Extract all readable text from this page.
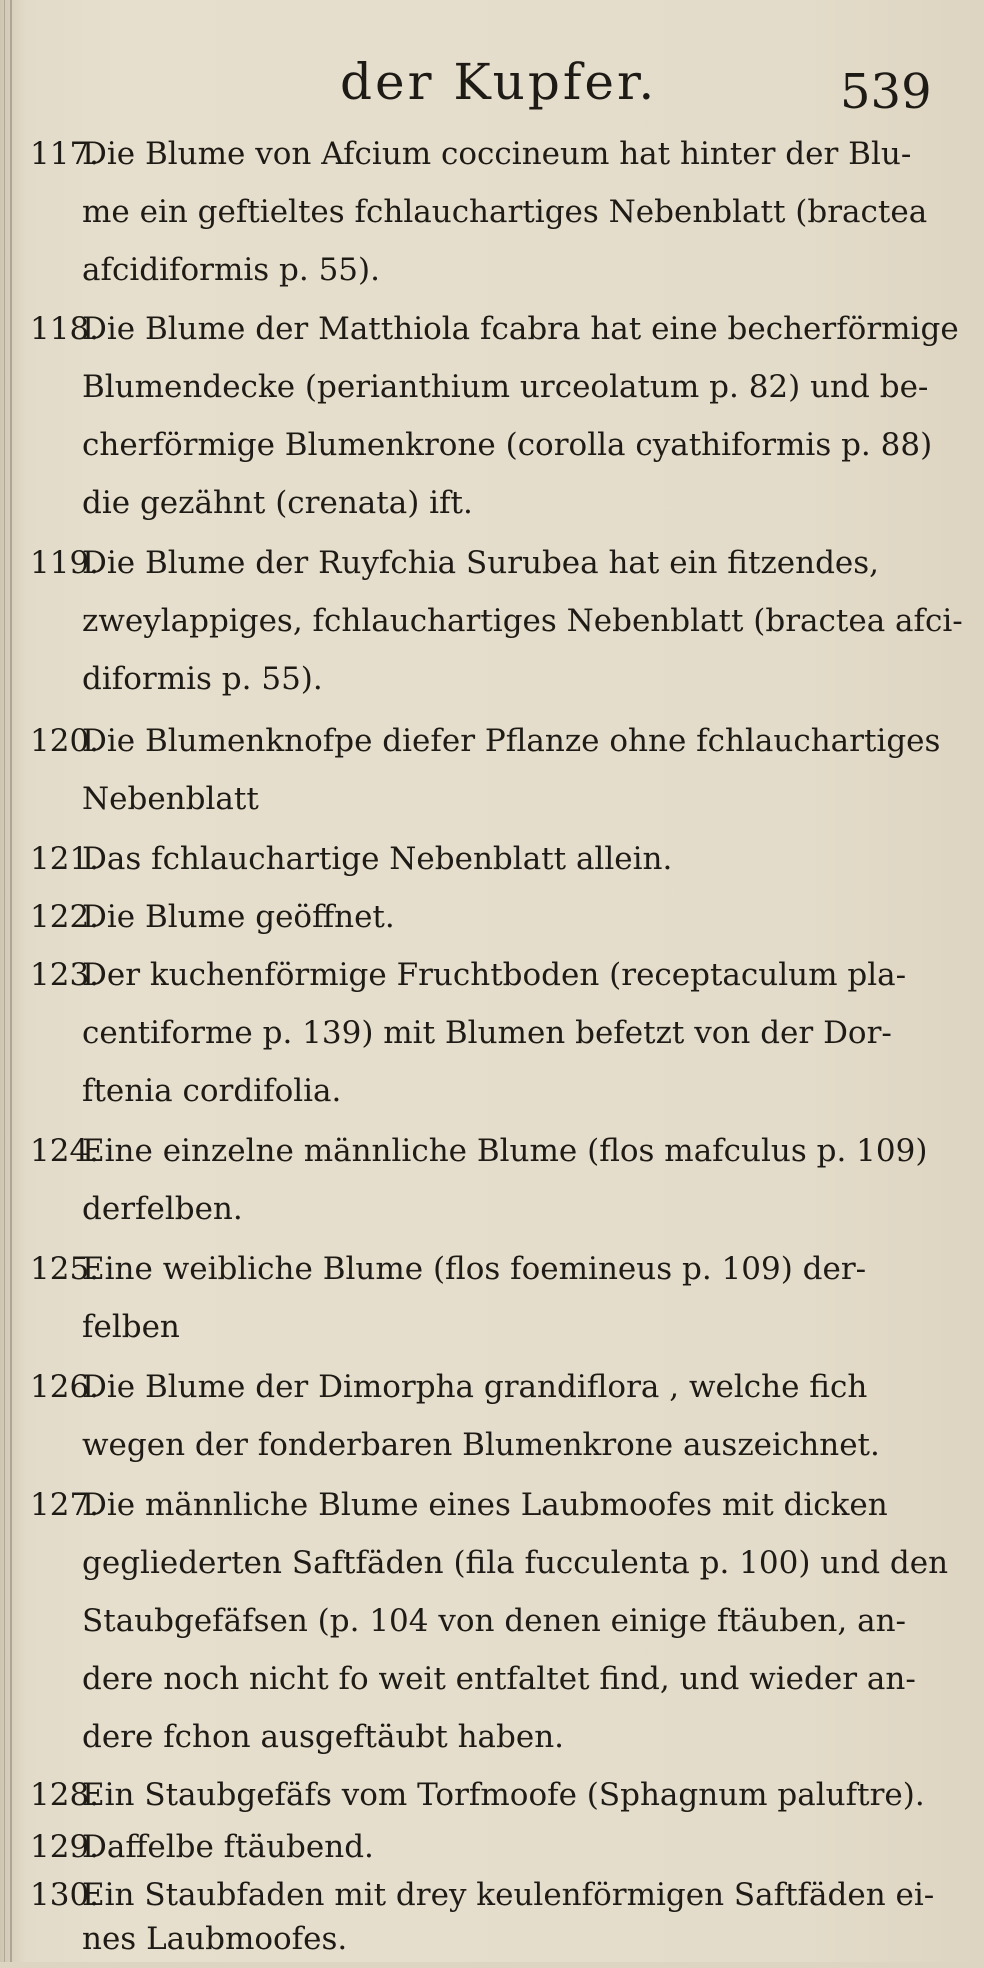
der Kupfer.	539
117.
Die Blume von Afcium coccineum hat hinter der Blu-
me ein geftieltes fchlauchartiges Nebenblatt (bractea
afcidiformis p. 55).
118.
Die Blume der Matthiola fcabra hat eine becherförmige
Blumendecke (perianthium urceolatum p. 82) und be-
cherförmige Blumenkrone (corolla cyathiformis p. 88)
die gezähnt (crenata) ift.
119.
Die Blume der Ruyfchia Surubea hat ein fitzendes,
zweylappiges, fchlauchartiges Nebenblatt (bractea afci-
diformis p. 55).
120.
Die Blumenknofpe diefer Pflanze ohne fchlauchartiges
Nebenblatt
121.
Das fchlauchartige Nebenblatt allein.
122.
Die Blume geöffnet.
123.
Der kuchenförmige Fruchtboden (receptaculum pla-
centiforme p. 139) mit Blumen befetzt von der Dor-
ftenia cordifolia.
124.
Eine einzelne männliche Blume (flos mafculus p. 109)
derfelben.
125.
Eine weibliche Blume (flos foemineus p. 109) der-
felben
126.
Die Blume der Dimorpha grandiflora , welche fich
wegen der fonderbaren Blumenkrone auszeichnet.
127.
Die männliche Blume eines Laubmoofes mit dicken
gegliederten Saftfäden (fila fucculenta p. 100) und den
Staubgefäfsen (p. 104 von denen einige ftäuben, an-
dere noch nicht fo weit entfaltet find, und wieder an-
dere fchon ausgeftäubt haben.
128.
Ein Staubgefäfs vom Torfmoofe (Sphagnum paluftre).
129.
Daffelbe ftäubend.
130.
Ein Staubfaden mit drey keulenförmigen Saftfäden ei-
nes Laubmoofes.
